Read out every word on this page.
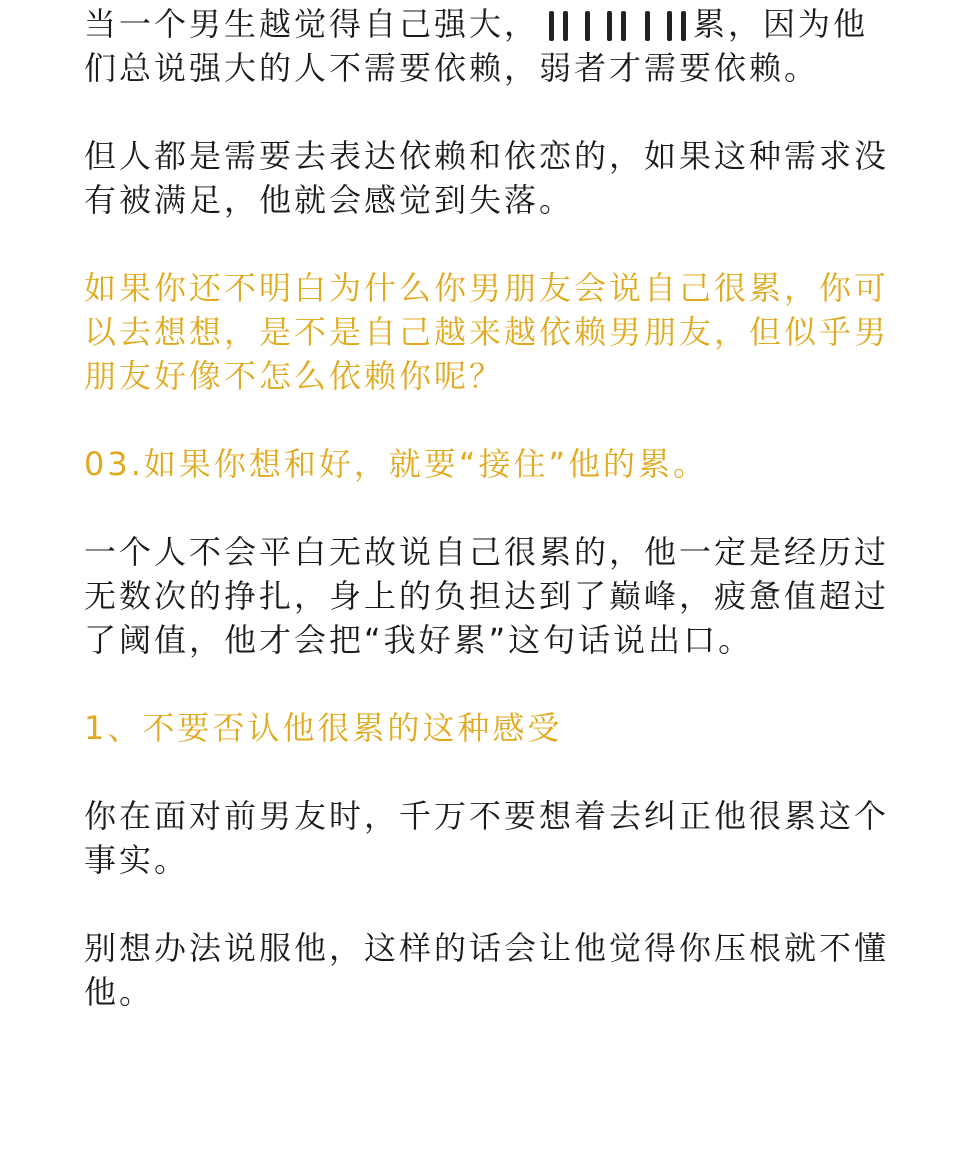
当一个男生越觉得自己强大，	累，因为他们总说强大的人不需要依赖，弱者才需要依赖。

但人都是需要去表达依赖和依恋的，如果这种需求没有被满足，他就会感觉到失落。

如果你还不明白为什么你男朋友会说自己很累，你可以去想想，是不是自己越来越依赖男朋友，但似乎男朋友好像不怎么依赖你呢？

03.如果你想和好，就要“接住”他的累。

一个人不会平白无故说自己很累的，他一定是经历过无数次的挣扎，身上的负担达到了巅峰，疲惫值超过了阈值，他才会把“我好累”这句话说出口。

1、不要否认他很累的这种感受

你在面对前男友时，千万不要想着去纠正他很累这个事实。

别想办法说服他，这样的话会让他觉得你压根就不懂他。
